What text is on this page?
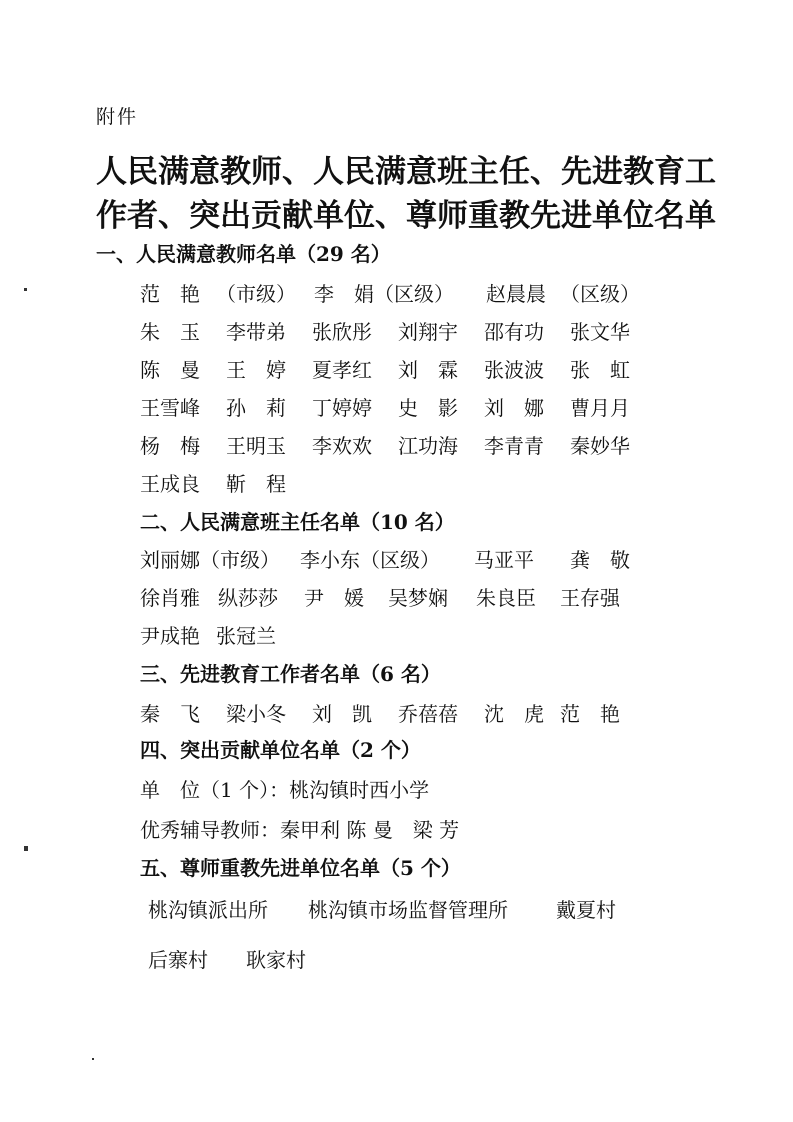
附件
人民满意教师、人民满意班主任、先进教育工
作者、突出贡献单位、尊师重教先进单位名单
一、人民满意教师名单（29 名）
范　艳 （市级） 李　娟 （区级） 赵晨晨 （区级）
朱　玉 李带弟 张欣彤 刘翔宇 邵有功 张文华
陈　曼 王　婷 夏孝红 刘　霖 张波波 张　虹
王雪峰 孙　莉 丁婷婷 史　影 刘　娜 曹月月
杨　梅 王明玉 李欢欢 江功海 李青青 秦妙华
王成良 靳　程
二、人民满意班主任名单（10 名）
刘丽娜（市级） 李小东（区级） 马亚平 龚　敬
徐肖雅 纵莎莎 尹　媛 吴梦娴 朱良臣 王存强
尹成艳 张冠兰
三、先进教育工作者名单（6 名）
秦　飞 梁小冬 刘　凯 乔蓓蓓 沈　虎 范　艳
四、突出贡献单位名单（2 个）
单　位（1 个）：桃沟镇时西小学
优秀辅导教师：秦甲利 陈 曼　梁 芳
五、尊师重教先进单位名单（5 个）
桃沟镇派出所 桃沟镇市场监督管理所 戴夏村
后寨村 耿家村
